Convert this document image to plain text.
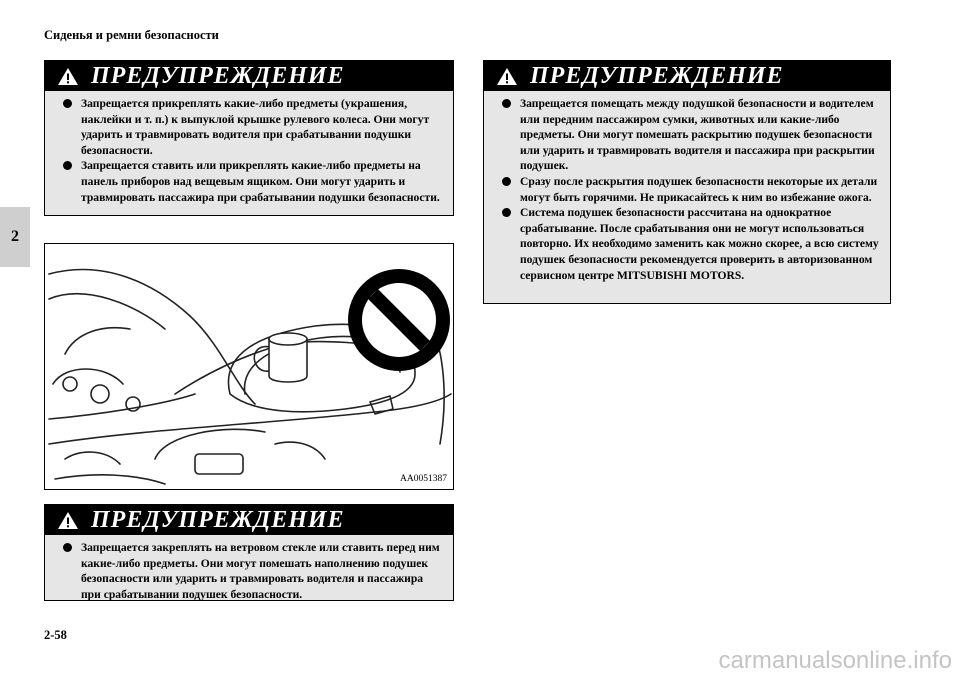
Сиденья и ремни безопасности
2
ПРЕДУПРЕЖДЕНИЕ
Запрещается прикреплять какие-либо предметы (украшения, наклейки и т. п.) к выпуклой крышке рулевого колеса. Они могут ударить и травмировать водителя при срабатывании подушки безопасности.
Запрещается ставить или прикреплять какие-либо предметы на панель приборов над вещевым ящиком. Они могут ударить и травмировать пассажира при срабатывании подушки безопасности.
AA0051387
ПРЕДУПРЕЖДЕНИЕ
Запрещается закреплять на ветровом стекле или ставить перед ним какие-либо предметы. Они могут помешать наполнению подушек безопасности или ударить и травмировать водителя и пассажира при срабатывании подушек безопасности.
ПРЕДУПРЕЖДЕНИЕ
Запрещается помещать между подушкой безопасности и водителем или передним пассажиром сумки, животных или какие-либо предметы. Они могут помешать раскрытию подушек безопасности или ударить и травмировать водителя и пассажира при раскрытии подушек.
Сразу после раскрытия подушек безопасности некоторые их детали могут быть горячими. Не прикасайтесь к ним во избежание ожога.
Система подушек безопасности рассчитана на однократное срабатывание. После срабатывания они не могут использоваться повторно. Их необходимо заменить как можно скорее, а всю систему подушек безопасности рекомендуется проверить в авторизованном сервисном центре MITSUBISHI MOTORS.
2-58
carmanualsonline.info
